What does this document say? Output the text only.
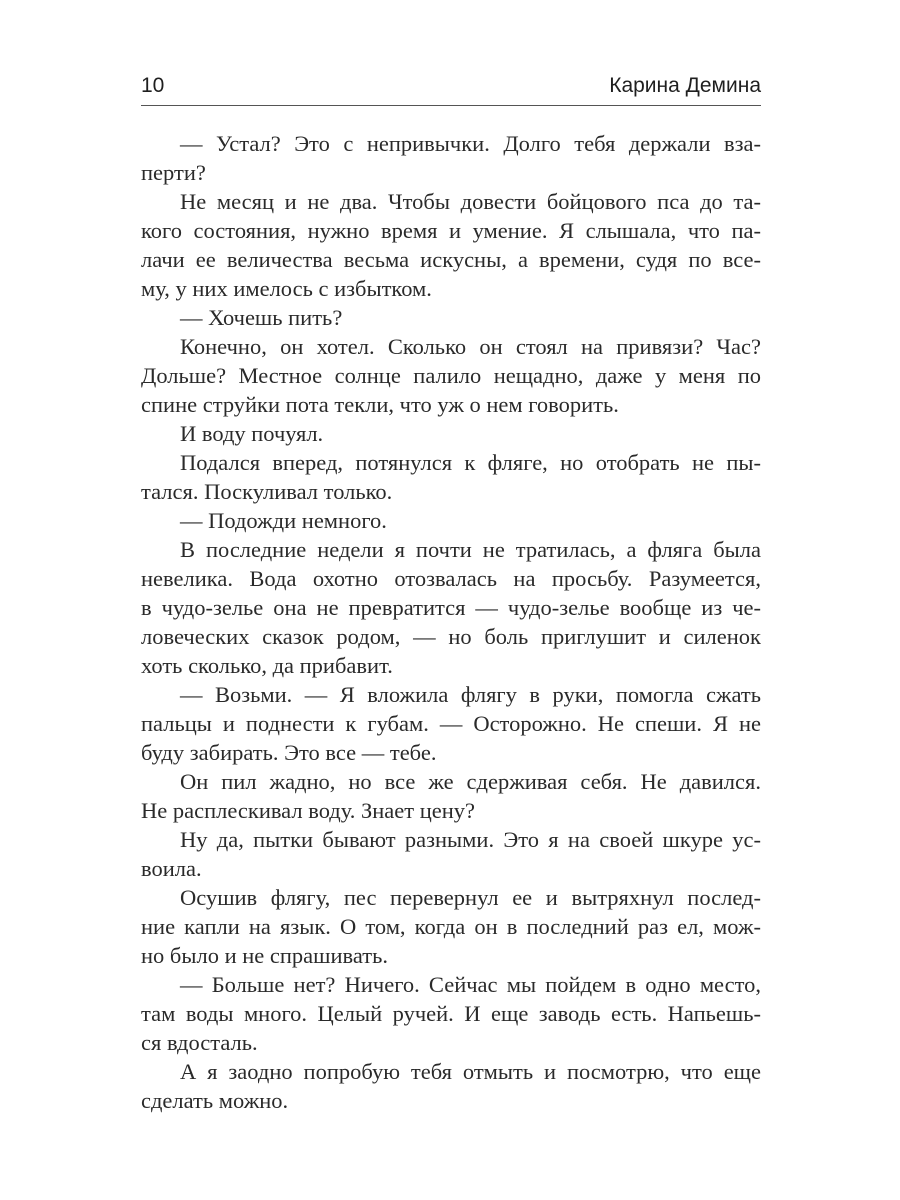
10	Карина Демина
— Устал? Это с непривычки. Долго тебя держали вза-
перти?
Не месяц и не два. Чтобы довести бойцового пса до та-
кого состояния, нужно время и умение. Я слышала, что па-
лачи ее величества весьма искусны, а времени, судя по все-
му, у них имелось с избытком.
— Хочешь пить?
Конечно, он хотел. Сколько он стоял на привязи? Час?
Дольше? Местное солнце палило нещадно, даже у меня по
спине струйки пота текли, что уж о нем говорить.
И воду почуял.
Подался вперед, потянулся к фляге, но отобрать не пы-
тался. Поскуливал только.
— Подожди немного.
В последние недели я почти не тратилась, а фляга была
невелика. Вода охотно отозвалась на просьбу. Разумеется,
в чудо-зелье она не превратится — чудо-зелье вообще из че-
ловеческих сказок родом, — но боль приглушит и силенок
хоть сколько, да прибавит.
— Возьми. — Я вложила флягу в руки, помогла сжать
пальцы и поднести к губам. — Осторожно. Не спеши. Я не
буду забирать. Это все — тебе.
Он пил жадно, но все же сдерживая себя. Не давился.
Не расплескивал воду. Знает цену?
Ну да, пытки бывают разными. Это я на своей шкуре ус-
воила.
Осушив флягу, пес перевернул ее и вытряхнул послед-
ние капли на язык. О том, когда он в последний раз ел, мож-
но было и не спрашивать.
— Больше нет? Ничего. Сейчас мы пойдем в одно место,
там воды много. Целый ручей. И еще заводь есть. Напьешь-
ся вдосталь.
А я заодно попробую тебя отмыть и посмотрю, что еще
сделать можно.
